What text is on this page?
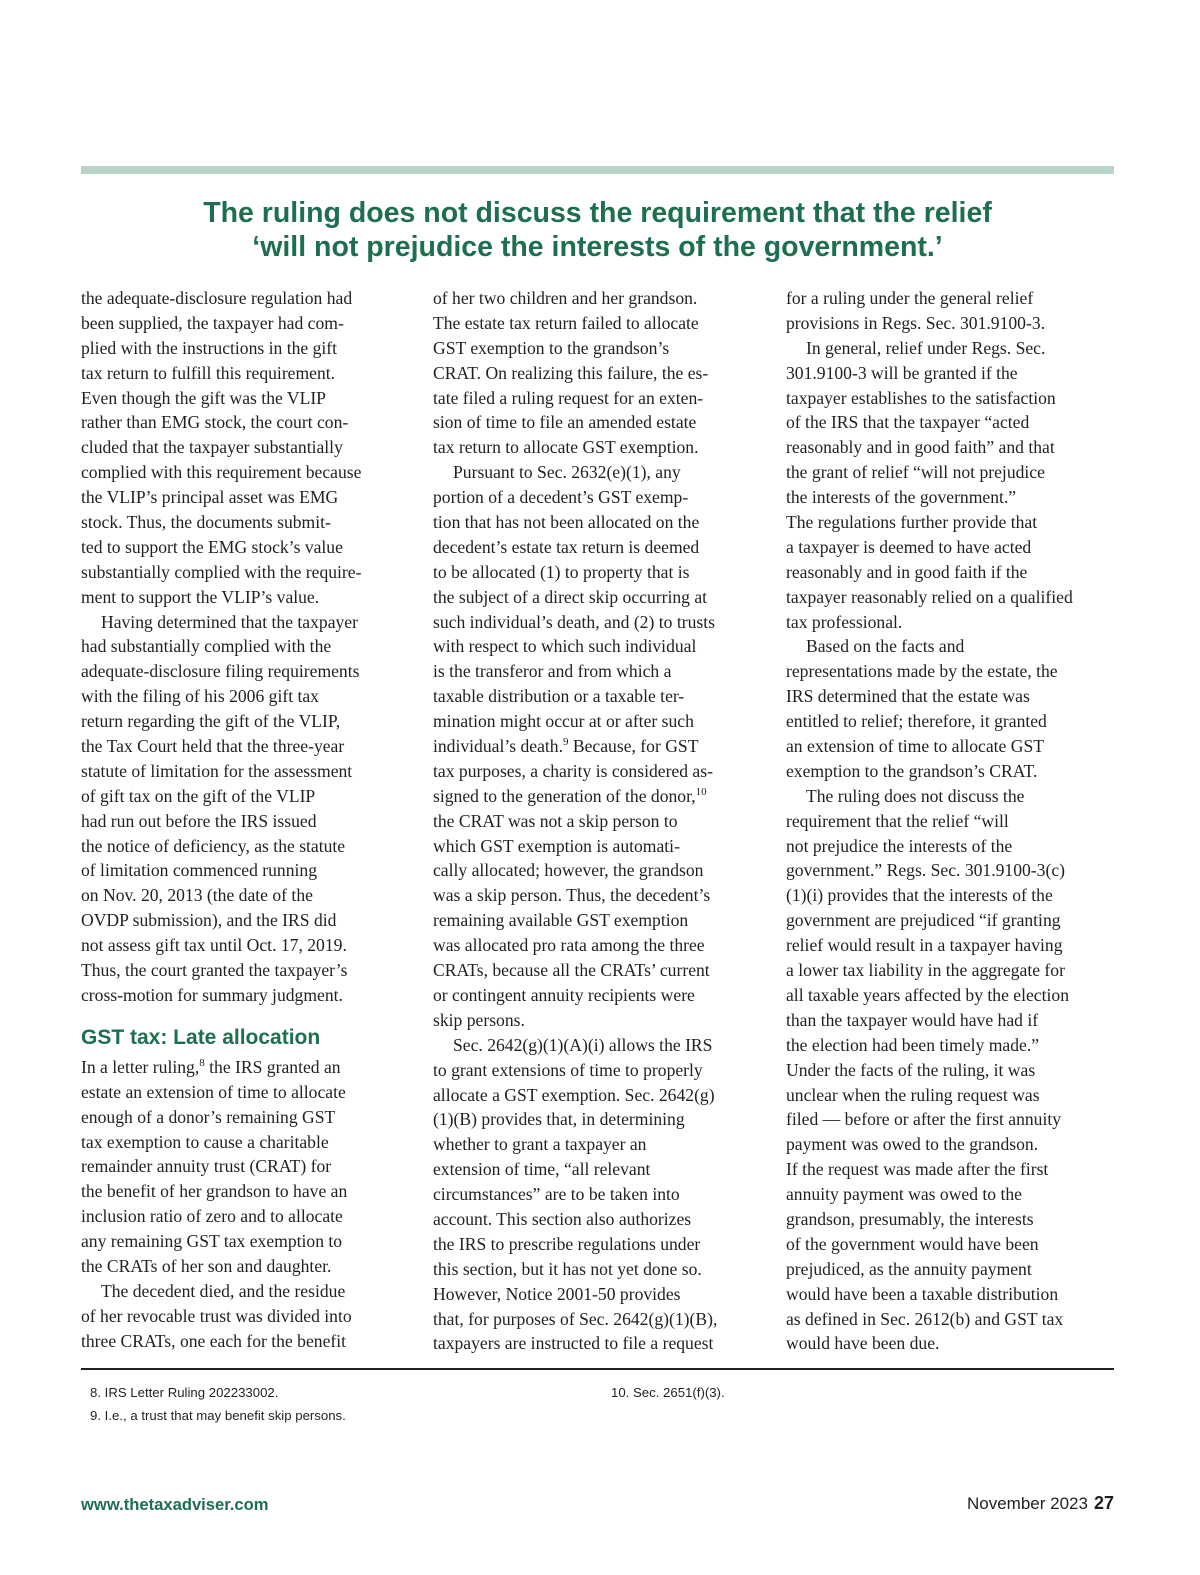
The ruling does not discuss the requirement that the relief
‘will not prejudice the interests of the government.’
the adequate-disclosure regulation had
been supplied, the taxpayer had com-
plied with the instructions in the gift
tax return to fulfill this requirement.
Even though the gift was the VLIP
rather than EMG stock, the court con-
cluded that the taxpayer substantially
complied with this requirement because
the VLIP’s principal asset was EMG
stock. Thus, the documents submit-
ted to support the EMG stock’s value
substantially complied with the require-
ment to support the VLIP’s value.
Having determined that the taxpayer
had substantially complied with the
adequate-disclosure filing requirements
with the filing of his 2006 gift tax
return regarding the gift of the VLIP,
the Tax Court held that the three-year
statute of limitation for the assessment
of gift tax on the gift of the VLIP
had run out before the IRS issued
the notice of deficiency, as the statute
of limitation commenced running
on Nov. 20, 2013 (the date of the
OVDP submission), and the IRS did
not assess gift tax until Oct. 17, 2019.
Thus, the court granted the taxpayer’s
cross-motion for summary judgment.
GST tax: Late allocation
In a letter ruling,$^8$ the IRS granted an
estate an extension of time to allocate
enough of a donor’s remaining GST
tax exemption to cause a charitable
remainder annuity trust (CRAT) for
the benefit of her grandson to have an
inclusion ratio of zero and to allocate
any remaining GST tax exemption to
the CRATs of her son and daughter.
The decedent died, and the residue
of her revocable trust was divided into
three CRATs, one each for the benefit
of her two children and her grandson.
The estate tax return failed to allocate
GST exemption to the grandson’s
CRAT. On realizing this failure, the es-
tate filed a ruling request for an exten-
sion of time to file an amended estate
tax return to allocate GST exemption.
Pursuant to Sec. 2632(e)(1), any
portion of a decedent’s GST exemp-
tion that has not been allocated on the
decedent’s estate tax return is deemed
to be allocated (1) to property that is
the subject of a direct skip occurring at
such individual’s death, and (2) to trusts
with respect to which such individual
is the transferor and from which a
taxable distribution or a taxable ter-
mination might occur at or after such
individual’s death.$^9$ Because, for GST
tax purposes, a charity is considered as-
signed to the generation of the donor,$^{10}$
the CRAT was not a skip person to
which GST exemption is automati-
cally allocated; however, the grandson
was a skip person. Thus, the decedent’s
remaining available GST exemption
was allocated pro rata among the three
CRATs, because all the CRATs’ current
or contingent annuity recipients were
skip persons.
Sec. 2642(g)(1)(A)(i) allows the IRS
to grant extensions of time to properly
allocate a GST exemption. Sec. 2642(g)
(1)(B) provides that, in determining
whether to grant a taxpayer an
extension of time, “all relevant
circumstances” are to be taken into
account. This section also authorizes
the IRS to prescribe regulations under
this section, but it has not yet done so.
However, Notice 2001-50 provides
that, for purposes of Sec. 2642(g)(1)(B),
taxpayers are instructed to file a request
for a ruling under the general relief
provisions in Regs. Sec. 301.9100-3.
In general, relief under Regs. Sec.
301.9100-3 will be granted if the
taxpayer establishes to the satisfaction
of the IRS that the taxpayer “acted
reasonably and in good faith” and that
the grant of relief “will not prejudice
the interests of the government.”
The regulations further provide that
a taxpayer is deemed to have acted
reasonably and in good faith if the
taxpayer reasonably relied on a qualified
tax professional.
Based on the facts and
representations made by the estate, the
IRS determined that the estate was
entitled to relief; therefore, it granted
an extension of time to allocate GST
exemption to the grandson’s CRAT.
The ruling does not discuss the
requirement that the relief “will
not prejudice the interests of the
government.” Regs. Sec. 301.9100-3(c)
(1)(i) provides that the interests of the
government are prejudiced “if granting
relief would result in a taxpayer having
a lower tax liability in the aggregate for
all taxable years affected by the election
than the taxpayer would have had if
the election had been timely made.”
Under the facts of the ruling, it was
unclear when the ruling request was
filed — before or after the first annuity
payment was owed to the grandson.
If the request was made after the first
annuity payment was owed to the
grandson, presumably, the interests
of the government would have been
prejudiced, as the annuity payment
would have been a taxable distribution
as defined in Sec. 2612(b) and GST tax
would have been due.
8. IRS Letter Ruling 202233002.
9. I.e., a trust that may benefit skip persons.
10. Sec. 2651(f)(3).
www.thetaxadviser.com	November 2023 27
